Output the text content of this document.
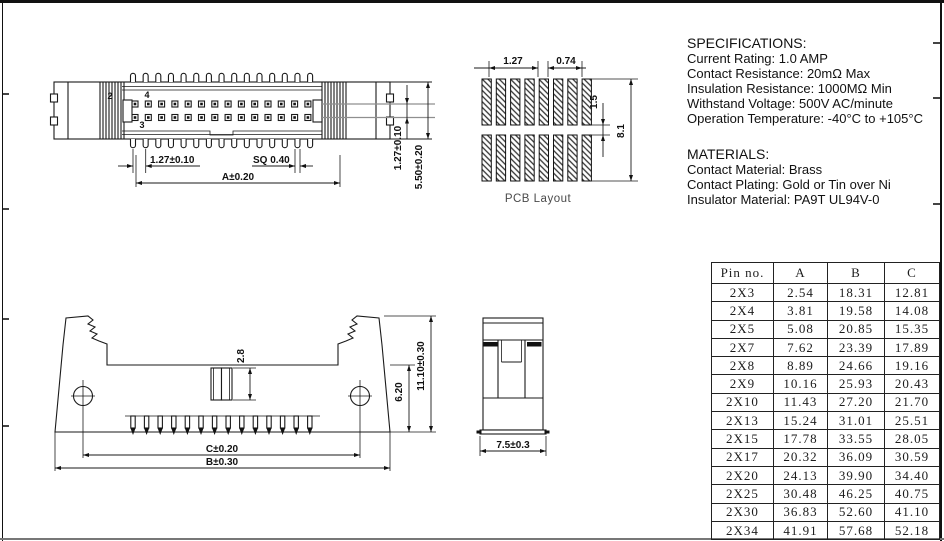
2	4
3
1.27±0.10 5.50±0.20
1.27±0.10	SQ 0.40
A±0.20
1.27	0.74
1.5
8.1
PCB Layout
SPECIFICATIONS:
Current Rating: 1.0 AMP
Contact Resistance: 20mΩ Max
Insulation Resistance: 1000MΩ Min
Withstand Voltage: 500V AC/minute
Operation Temperature: -40°C to +105°C
MATERIALS:
Contact Material: Brass
Contact Plating: Gold or Tin over Ni
Insulator Material: PA9T UL94V-0
2.8
6.20
11.10±0.30
C±0.20
B±0.30
7.5±0.3
Pin no.	A	B	C
2X3	2.54	18.31	12.81
2X4	3.81	19.58	14.08
2X5	5.08	20.85	15.35
2X7	7.62	23.39	17.89
2X8	8.89	24.66	19.16
2X9	10.16	25.93	20.43
2X10	11.43	27.20	21.70
2X13	15.24	31.01	25.51
2X15	17.78	33.55	28.05
2X17	20.32	36.09	30.59
2X20	24.13	39.90	34.40
2X25	30.48	46.25	40.75
2X30	36.83	52.60	41.10
2X34	41.91	57.68	52.18
